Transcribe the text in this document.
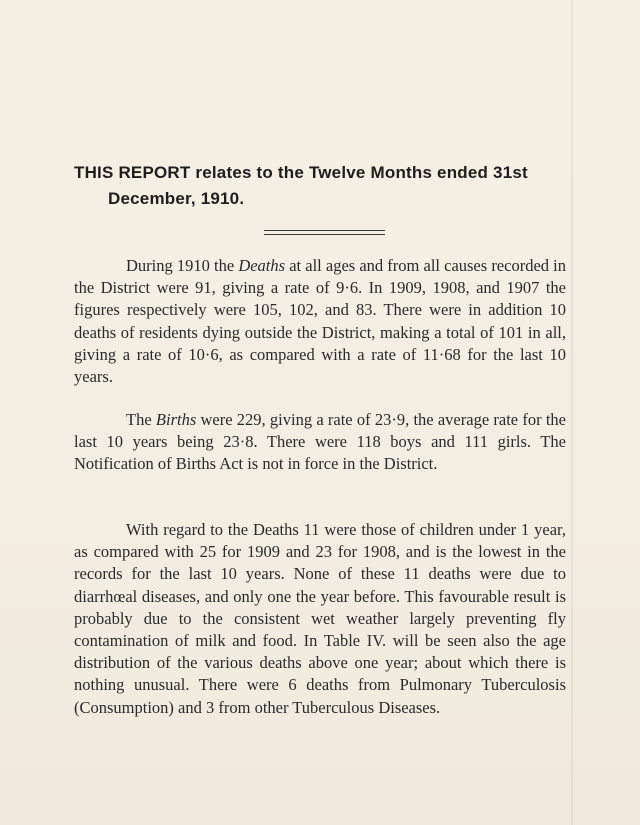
THIS REPORT relates to the Twelve Months ended 31st
December, 1910.

During 1910 the Deaths at all ages and from all causes recorded in the District were 91, giving a rate of 9·6. In 1909, 1908, and 1907 the figures respectively were 105, 102, and 83. There were in addition 10 deaths of residents dying outside the District, making a total of 101 in all, giving a rate of 10·6, as compared with a rate of 11·68 for the last 10 years.

The Births were 229, giving a rate of 23·9, the average rate for the last 10 years being 23·8. There were 118 boys and 111 girls. The Notification of Births Act is not in force in the District.

With regard to the Deaths 11 were those of children under 1 year, as compared with 25 for 1909 and 23 for 1908, and is the lowest in the records for the last 10 years. None of these 11 deaths were due to diarrhœal diseases, and only one the year before. This favourable result is probably due to the consistent wet weather largely preventing fly contamination of milk and food. In Table IV. will be seen also the age distribution of the various deaths above one year; about which there is nothing unusual. There were 6 deaths from Pulmonary Tuberculosis (Consumption) and 3 from other Tuberculous Diseases.
